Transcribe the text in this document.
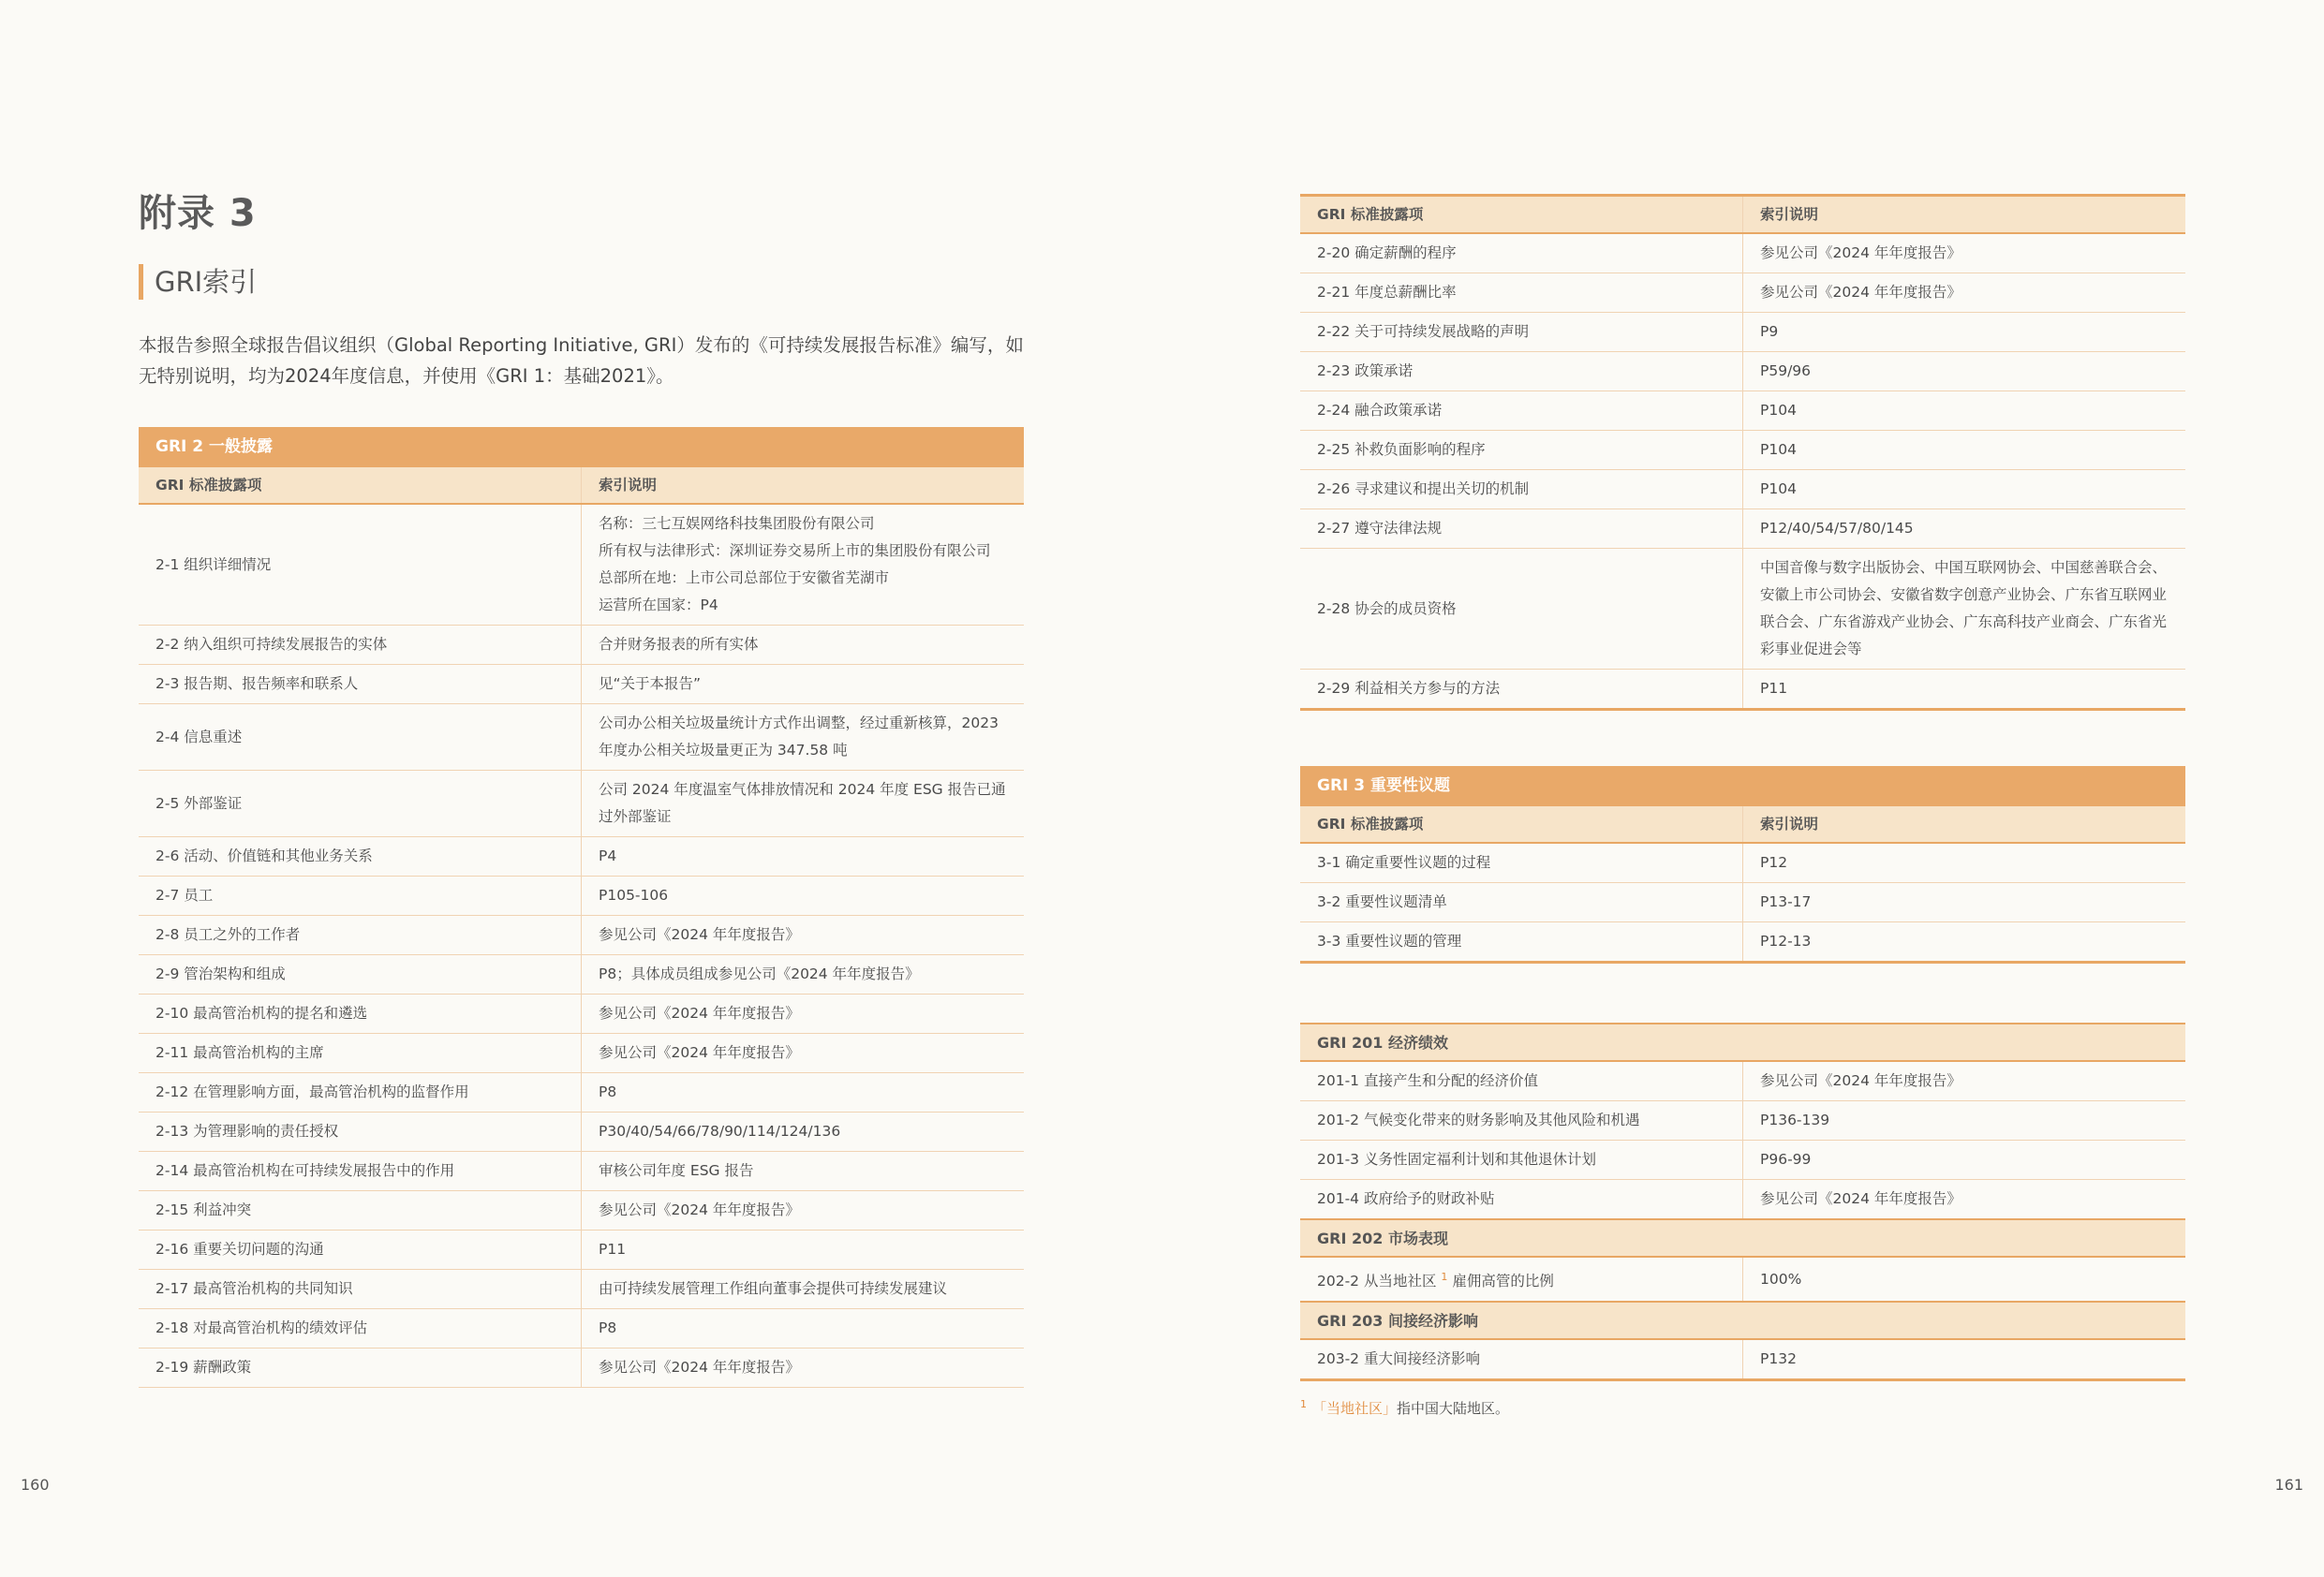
附录 3
GRI索引

本报告参照全球报告倡议组织（Global Reporting Initiative, GRI）发布的《可持续发展报告标准》编写，如无特别说明，均为2024年度信息，并使用《GRI 1：基础2021》。

GRI 2 一般披露	
GRI 标准披露项	索引说明
2-1 组织详细情况	名称：三七互娱网络科技集团股份有限公司
所有权与法律形式：深圳证券交易所上市的集团股份有限公司
总部所在地：上市公司总部位于安徽省芜湖市
运营所在国家：P4

2-2 纳入组织可持续发展报告的实体	合并财务报表的所有实体
2-3 报告期、报告频率和联系人	见“关于本报告”
2-4 信息重述	公司办公相关垃圾量统计方式作出调整，经过重新核算，2023 年度办公相关垃圾量更正为 347.58 吨
2-5 外部鉴证	公司 2024 年度温室气体排放情况和 2024 年度 ESG 报告已通过外部鉴证
2-6 活动、价值链和其他业务关系	P4
2-7 员工	P105-106
2-8 员工之外的工作者	参见公司《2024 年年度报告》
2-9 管治架构和组成	P8；具体成员组成参见公司《2024 年年度报告》
2-10 最高管治机构的提名和遴选	参见公司《2024 年年度报告》
2-11 最高管治机构的主席	参见公司《2024 年年度报告》
2-12 在管理影响方面，最高管治机构的监督作用	P8
2-13 为管理影响的责任授权	P30/40/54/66/78/90/114/124/136
2-14 最高管治机构在可持续发展报告中的作用	审核公司年度 ESG 报告
2-15 利益冲突	参见公司《2024 年年度报告》
2-16 重要关切问题的沟通	P11
2-17 最高管治机构的共同知识	由可持续发展管理工作组向董事会提供可持续发展建议
2-18 对最高管治机构的绩效评估	P8
2-19 薪酬政策	参见公司《2024 年年度报告》
160
GRI 标准披露项	索引说明
2-20 确定薪酬的程序	参见公司《2024 年年度报告》
2-21 年度总薪酬比率	参见公司《2024 年年度报告》
2-22 关于可持续发展战略的声明	P9
2-23 政策承诺	P59/96
2-24 融合政策承诺	P104
2-25 补救负面影响的程序	P104
2-26 寻求建议和提出关切的机制	P104
2-27 遵守法律法规	P12/40/54/57/80/145
2-28 协会的成员资格	中国音像与数字出版协会、中国互联网协会、中国慈善联合会、安徽上市公司协会、安徽省数字创意产业协会、广东省互联网业联合会、广东省游戏产业协会、广东高科技产业商会、广东省光彩事业促进会等
2-29 利益相关方参与的方法	P11
GRI 3 重要性议题	
GRI 标准披露项	索引说明
3-1 确定重要性议题的过程	P12
3-2 重要性议题清单	P13-17
3-3 重要性议题的管理	P12-13
GRI 201 经济绩效	
201-1 直接产生和分配的经济价值	参见公司《2024 年年度报告》
201-2 气候变化带来的财务影响及其他风险和机遇	P136-139
201-3 义务性固定福利计划和其他退休计划	P96-99
201-4 政府给予的财政补贴	参见公司《2024 年年度报告》
GRI 202 市场表现	
202-2 从当地社区 $^1$ 雇佣高管的比例	100%
GRI 203 间接经济影响	
203-2 重大间接经济影响	P132
$^1$ 「当地社区」指中国大陆地区。
161
